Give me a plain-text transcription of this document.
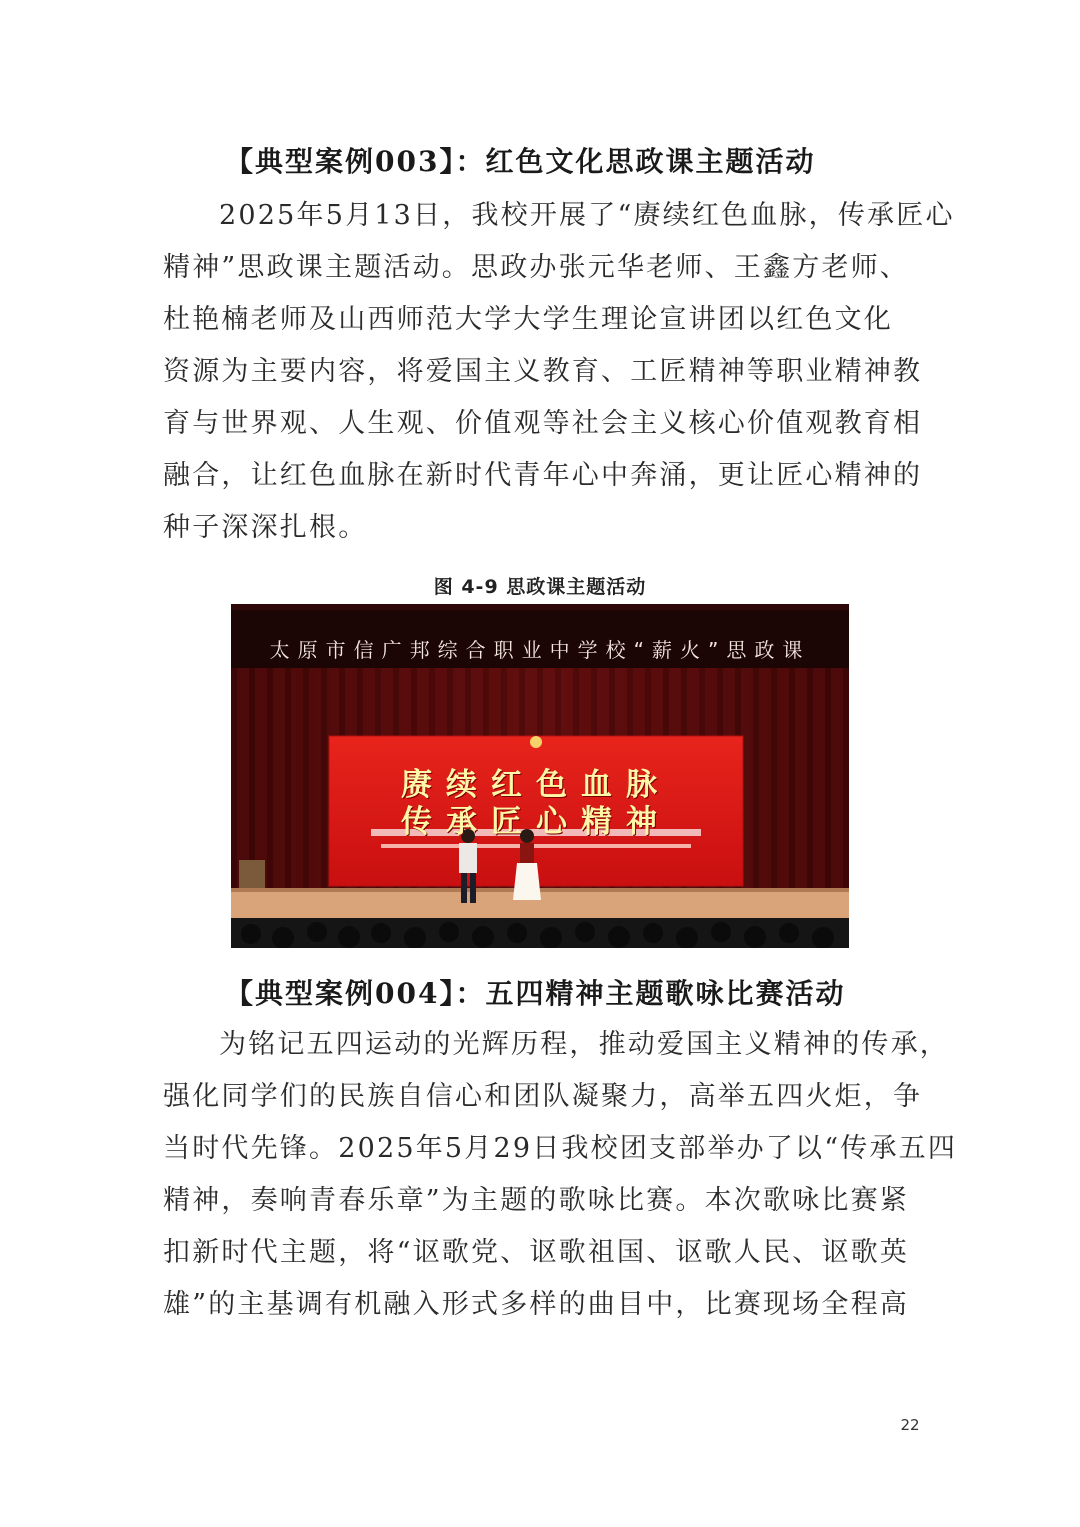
【典型案例003】：红色文化思政课主题活动
2025年5月13日，我校开展了“赓续红色血脉，传承匠心
精神”思政课主题活动。思政办张元华老师、王鑫方老师、
杜艳楠老师及山西师范大学大学生理论宣讲团以红色文化
资源为主要内容，将爱国主义教育、工匠精神等职业精神教
育与世界观、人生观、价值观等社会主义核心价值观教育相
融合，让红色血脉在新时代青年心中奔涌，更让匠心精神的
种子深深扎根。
图 4-9 思政课主题活动
太原市信广邦综合职业中学校“薪火”思政课
赓续红色血脉
传承匠心精神
【典型案例004】：五四精神主题歌咏比赛活动
为铭记五四运动的光辉历程，推动爱国主义精神的传承，
强化同学们的民族自信心和团队凝聚力，高举五四火炬，争
当时代先锋。2025年5月29日我校团支部举办了以“传承五四
精神，奏响青春乐章”为主题的歌咏比赛。本次歌咏比赛紧
扣新时代主题，将“讴歌党、讴歌祖国、讴歌人民、讴歌英
雄”的主基调有机融入形式多样的曲目中，比赛现场全程高
22
